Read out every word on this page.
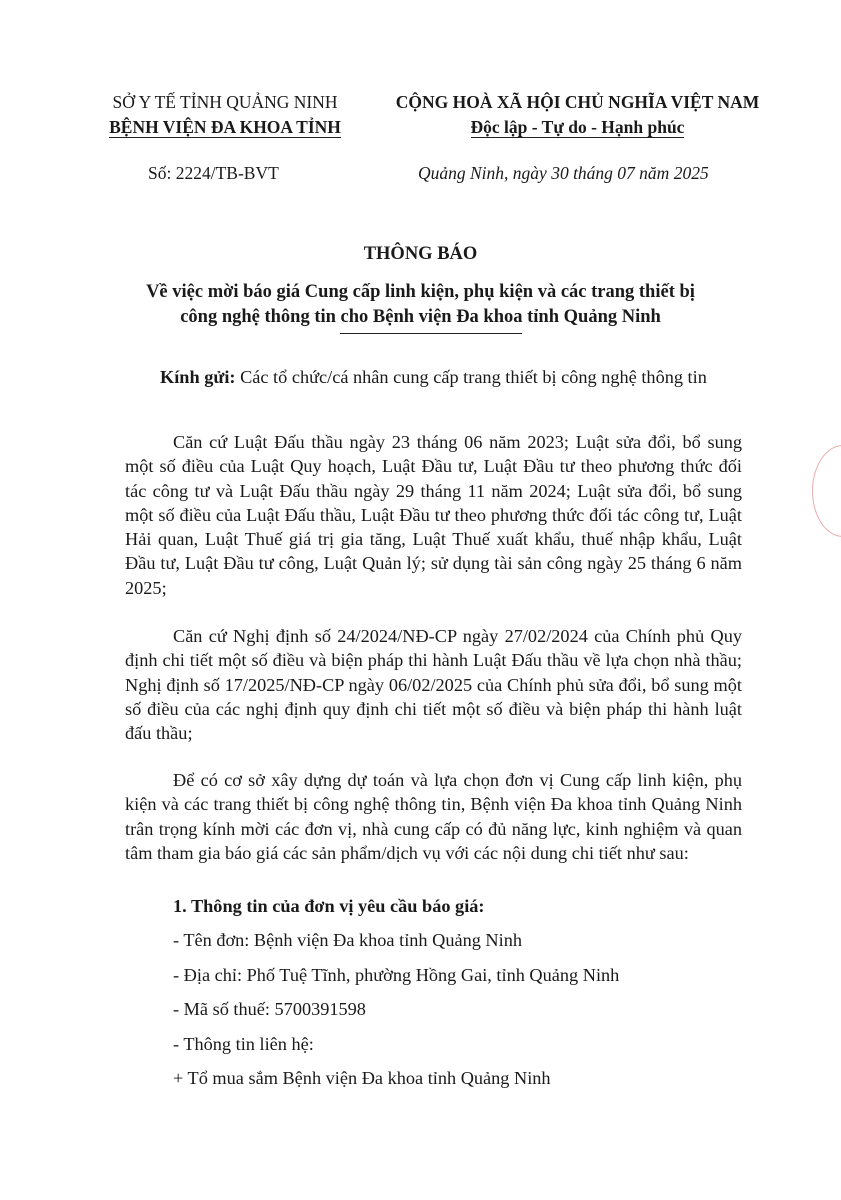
SỞ Y TẾ TỈNH QUẢNG NINH
BỆNH VIỆN ĐA KHOA TỈNH
CỘNG HOÀ XÃ HỘI CHỦ NGHĨA VIỆT NAM
Độc lập - Tự do - Hạnh phúc
Số: 2224/TB-BVT	Quảng Ninh, ngày 30 tháng 07 năm 2025
THÔNG BÁO
Về việc mời báo giá Cung cấp linh kiện, phụ kiện và các trang thiết bị
công nghệ thông tin cho Bệnh viện Đa khoa tỉnh Quảng Ninh
Kính gửi: Các tổ chức/cá nhân cung cấp trang thiết bị công nghệ thông tin
Căn cứ Luật Đấu thầu ngày 23 tháng 06 năm 2023; Luật sửa đổi, bổ sung một số điều của Luật Quy hoạch, Luật Đầu tư, Luật Đầu tư theo phương thức đối tác công tư và Luật Đấu thầu ngày 29 tháng 11 năm 2024; Luật sửa đổi, bổ sung một số điều của Luật Đấu thầu, Luật Đầu tư theo phương thức đối tác công tư, Luật Hải quan, Luật Thuế giá trị gia tăng, Luật Thuế xuất khẩu, thuế nhập khẩu, Luật Đầu tư, Luật Đầu tư công, Luật Quản lý; sử dụng tài sản công ngày 25 tháng 6 năm 2025;
Căn cứ Nghị định số 24/2024/NĐ-CP ngày 27/02/2024 của Chính phủ Quy định chi tiết một số điều và biện pháp thi hành Luật Đấu thầu về lựa chọn nhà thầu; Nghị định số 17/2025/NĐ-CP ngày 06/02/2025 của Chính phủ sửa đổi, bổ sung một số điều của các nghị định quy định chi tiết một số điều và biện pháp thi hành luật đấu thầu;
Để có cơ sở xây dựng dự toán và lựa chọn đơn vị Cung cấp linh kiện, phụ kiện và các trang thiết bị công nghệ thông tin, Bệnh viện Đa khoa tỉnh Quảng Ninh trân trọng kính mời các đơn vị, nhà cung cấp có đủ năng lực, kinh nghiệm và quan tâm tham gia báo giá các sản phẩm/dịch vụ với các nội dung chi tiết như sau:
1. Thông tin của đơn vị yêu cầu báo giá:
- Tên đơn: Bệnh viện Đa khoa tỉnh Quảng Ninh
- Địa chỉ: Phố Tuệ Tĩnh, phường Hồng Gai, tỉnh Quảng Ninh
- Mã số thuế: 5700391598
- Thông tin liên hệ:
+ Tổ mua sắm Bệnh viện Đa khoa tỉnh Quảng Ninh
